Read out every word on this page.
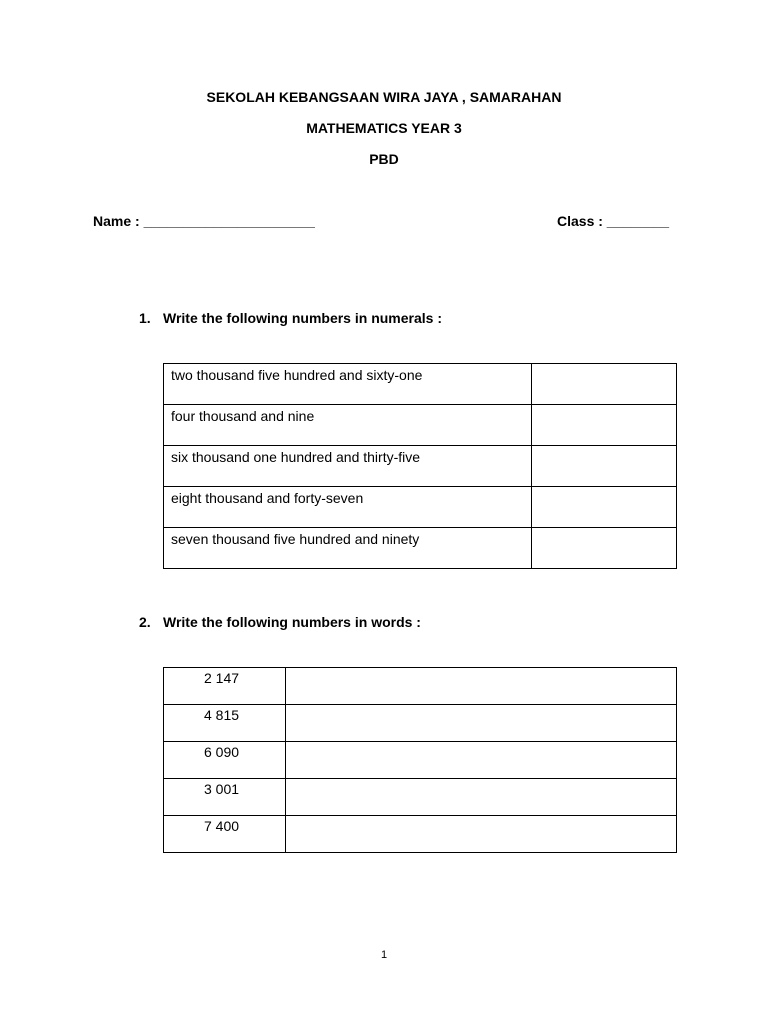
SEKOLAH KEBANGSAAN WIRA JAYA , SAMARAHAN
MATHEMATICS YEAR 3
PBD
Name : ______________________	Class : ________
1. Write the following numbers in numerals :
two thousand five hundred and sixty-one	
four thousand and nine	
six thousand one hundred and thirty-five	
eight thousand and forty-seven	
seven thousand five hundred and ninety	
2. Write the following numbers in words :
2 147	
4 815	
6 090	
3 001	
7 400	
1
